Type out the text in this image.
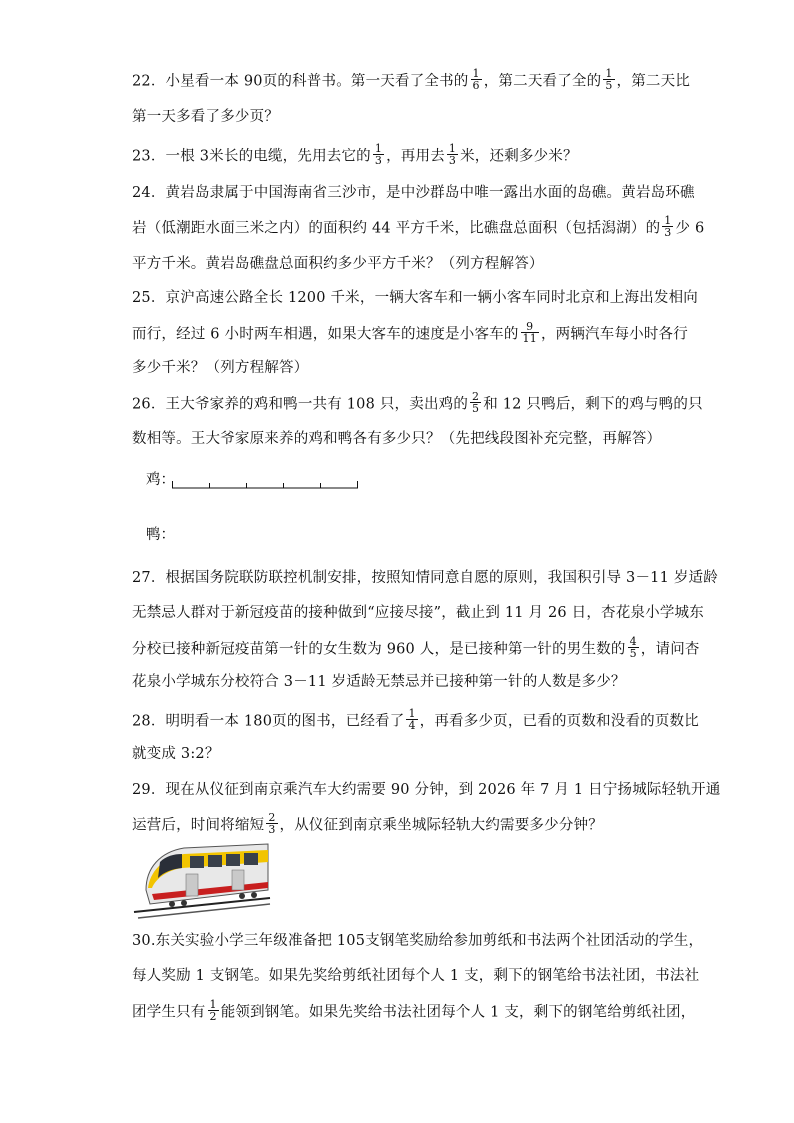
22．小星看一本 90页的科普书。第一天看了全书的 $\frac{1}{6}$ ，第二天看了全的 $\frac{1}{5}$ ，第二天比
第一天多看了多少页？
23．一根 3米长的电缆，先用去它的 $\frac{1}{3}$ ，再用去 $\frac{1}{3}$ 米，还剩多少米？
24．黄岩岛隶属于中国海南省三沙市，是中沙群岛中唯一露出水面的岛礁。黄岩岛环礁
岩（低潮距水面三米之内）的面积约 44 平方千米，比礁盘总面积（包括潟湖）的 $\frac{1}{3}$ 少 6
平方千米。黄岩岛礁盘总面积约多少平方千米？（列方程解答）
25．京沪高速公路全长 1200 千米，一辆大客车和一辆小客车同时北京和上海出发相向
而行，经过 6 小时两车相遇，如果大客车的速度是小客车的 $\frac{9}{11}$ ，两辆汽车每小时各行
多少千米？（列方程解答）
26．王大爷家养的鸡和鸭一共有 108 只，卖出鸡的 $\frac{2}{5}$ 和 12 只鸭后，剩下的鸡与鸭的只
数相等。王大爷家原来养的鸡和鸭各有多少只？（先把线段图补充完整，再解答）
鸡：
鸭：
27．根据国务院联防联控机制安排，按照知情同意自愿的原则，我国积引导 3－11 岁适龄
无禁忌人群对于新冠疫苗的接种做到“应接尽接”，截止到 11 月 26 日，杏花泉小学城东
分校已接种新冠疫苗第一针的女生数为 960 人，是已接种第一针的男生数的 $\frac{4}{5}$ ，请问杏
花泉小学城东分校符合 3－11 岁适龄无禁忌并已接种第一针的人数是多少？
28．明明看一本 180页的图书，已经看了 $\frac{1}{4}$ ，再看多少页，已看的页数和没看的页数比
就变成 3:2？
29．现在从仪征到南京乘汽车大约需要 90 分钟，到 2026 年 7 月 1 日宁扬城际轻轨开通
运营后，时间将缩短 $\frac{2}{3}$ ，从仪征到南京乘坐城际轻轨大约需要多少分钟？
30.东关实验小学三年级准备把 105支钢笔奖励给参加剪纸和书法两个社团活动的学生，
每人奖励 1 支钢笔。如果先奖给剪纸社团每个人 1 支，剩下的钢笔给书法社团，书法社
团学生只有 $\frac{1}{2}$ 能领到钢笔。如果先奖给书法社团每个人 1 支，剩下的钢笔给剪纸社团，
